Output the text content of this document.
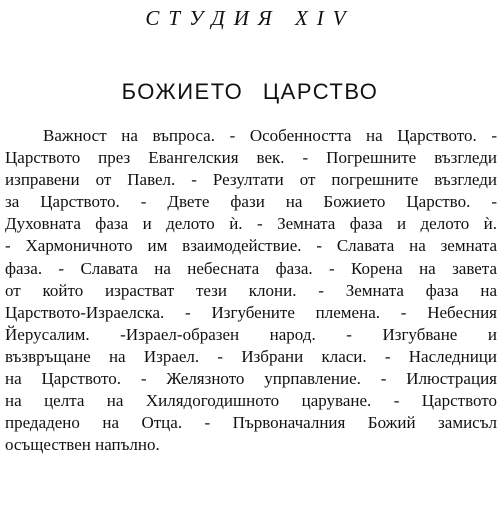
СТУДИЯ XIV
БОЖИЕТО ЦАРСТВО
Важност на въпроса. - Особенността на Царството. -
Царството през Евангелския век. - Погрешните възгледи
изправени от Павел. - Резултати от погрешните възгледи
за Царството. - Двете фази на Божието Царство. -
Духовната фаза и делото ѝ. - Земната фаза и делото ѝ.
- Хармоничното им взаимодействие. - Славата на земната
фаза. - Славата на небесната фаза. - Корена на завета
от който израстват тези клони. - Земната фаза на
Царството-Израелска. - Изгубените племена. - Небесния
Йерусалим. -Израел-образен народ. - Изгубване и
възвръщане на Израел. - Избрани класи. - Наследници
на Царството. - Желязното упрпавление. - Илюстрация
на целта на Хилядогодишното царуване. - Царството
предадено на Отца. - Първоначалния Божий замисъл
осъществен напълно.
